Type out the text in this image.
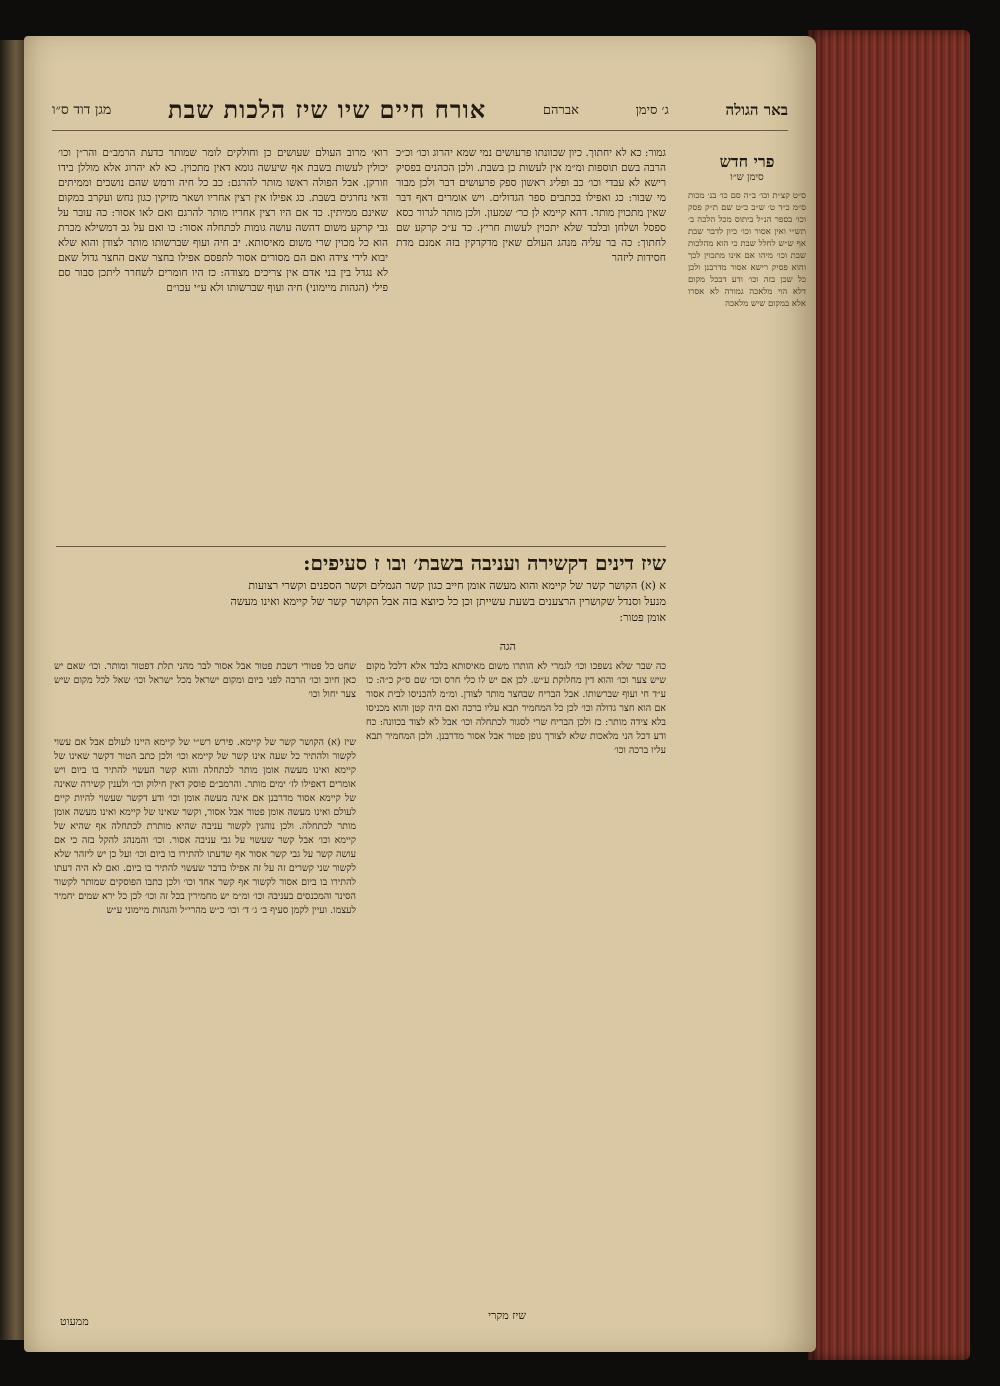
באר הגולה
ג׳ סימן
אברהם
אורח חיים שיו שיז הלכות שבת
מגן דוד ס״ו
פרי חדש
סימן ש״ו
ס״ט קצ״ת וכו׳ ב״ה סם כו׳ בנ׳ מכות ס״מ כ״ד ט׳ ש״ב כ״ט שם ת״ק פסק וכו׳ בספר הנ״ל ביתוס מכל הלכה ב׳ תש״י ואין אסור וכו׳ כיון לדבר שבת אף ש״ש לחלל שבת כי הוא מהלכות שבת וכו׳ מיהו אם אינו מתכוין לכך והוא פסיק רישא אסור מדרבנן ולכן כל שכן בזה וכו׳ ודע דבכל מקום דלא הוי מלאכה גמורה לא אסרו אלא במקום שיש מלאכה
גמור: כא לא יחתוך. כיון שכוונתו פרעושים נמי שמא יהרוג וכו׳ וכ״כ הרבה בשם תוספות ומ״מ אין לעשות כן בשבת. ולכן הכהנים בפסיק רישא לא עבדי וכו׳ כב ופליג ראשון ספק פרעושים דבר ולכן מבור מי שבור: כג ואפילו בכתבים ספר הגדולים. ויש אומרים דאף דבר שאין מתכוין מותר. דהא קיימא לן כר׳ שמעון. ולכן מותר לגרור כסא ספסל ושלחן ובלבד שלא יתכוין לעשות חריץ. כד ע״כ קרקע שם לחתוך: כה בר עליה מנהג העולם שאין מדקדקין בזה אמנם מדת חסידות ליזהר
רוא׳ מרוב העולם שעושים כן וחולקים לומר שמותר כדעת הרמב״ם והר״ן וכו׳ יכולין לעשות בשבת אף שיעשה גומא דאין מתכוין. כא לא יהרוג אלא מוללן בידו וזורקן. אבל הפולה ראשו מותר להרגם: כב כל חיה ורמש שהם נושכים וממיתים ודאי נחרגים בשבת. כג אפילו אין רצין אחריו ושאר מזיקין כגון נחש ועקרב במקום שאינם ממיתין. כד אם היו רצין אחריו מותר להרגם ואם לאו אסור: כה עובר על גבי קרקע משום דהשה עושה גומות לכתחלה אסור: כו ואם על גב דמשילא מכרת הוא כל מכוין שרי משום מאיסותא. יב חיה ועוף שברשותו מותר לצודן והוא שלא יבוא לידי צידה ואם הם מסורים אסור לתפסם אפילו בחצר שאם החצר גדול שאם לא נגדל בין בני אדם אין צריכים מצודה: כז היו חומרים לשחרר ליתכן סבור סם פילי (הגהות מיימוני) חיה ועוף שברשותו ולא ע״י עכו״ם
שיז דינים דקשירה ועניבה בשבת׳ ובו ז סעיפים:
א (א) הקושר קשר של קיימא והוא מעשה אומן חייב כגון קשר הגמלים וקשר הספנים וקשרי רצועות מנעל וסנדל שקושרין הרצענים בשעת עשייתן וכן כל כיוצא בזה אבל הקושר קשר של קיימא ואינו מעשה אומן פטור:
הגה
כה שבר שלא נשפכו וכו׳ לגמרי לא הותרו משום מאיסותא בלבד אלא דלכל מקום שיש צער וכו׳ והוא דין מחלוקת ע״ש. לכן אם יש לו כלי חרס וכו׳ שם ס״ק כ״ה: כו ע״ד חי ועוף שברשותו. אבל הבריח שבחצר מותר לצודן. ומ״מ להכניסו לבית אסור אם הוא חצר גדולה וכו׳ לכן כל המחמיר תבא עליו ברכה ואם היה קטן והוא מכניסו בלא צידה מותר: כז ולכן הבריח שרי לסגור לכתחלה וכו׳ אבל לא לצוד בכוונה: כח ודע דכל הני מלאכות שלא לצורך גופן פטור אבל אסור מדרבנן. ולכן המחמיר תבא עליו ברכה וכו׳
שחט כל פטורי דשבת פטור אבל אסור לבר מהני תלת דפטור ומותר. וכו׳ שאם יש כאן חיוב וכו׳ הרבה לפני ביום ומקום ישראל מכל ישראל וכו׳ שאל לכל מקום שיש צער יחול וכו׳
שיז (א) הקושר קשר של קיימא. פירש רש״י של קיימא היינו לעולם אבל אם עשוי לקשור ולהתיר כל שעה אינו קשר של קיימא וכו׳ ולכן כתב הטור דקשר שאינו של קיימא ואינו מעשה אומן מותר לכתחלה והוא קשר העשוי להתיר בו ביום ויש אומרים דאפילו לז׳ ימים מותר. והרמב״ם פוסק דאין חילוק וכו׳ ולענין קשירה שאינה של קיימא אסור מדרבנן אם אינה מעשה אומן וכו׳ ודע דקשר שעשוי להיות קיים לעולם ואינו מעשה אומן פטור אבל אסור, וקשר שאינו של קיימא ואינו מעשה אומן מותר לכתחלה. ולכן נוהגין לקשור עניבה שהיא מותרת לכתחלה אף שהיא של קיימא וכו׳ אבל קשר שעשוי על גבי עניבה אסור. וכו׳ והמנהג להקל בזה כי אם עושה קשר על גבי קשר אסור אף שדעתו להתירו בו ביום וכו׳ ועל כן יש ליזהר שלא לקשור שני קשרים זה על זה אפילו בדבר שעשוי להתיר בו ביום. ואם לא היה דעתו להתירו בו ביום אסור לקשור אף קשר אחד וכו׳ ולכן כתבו הפוסקים שמותר לקשור הסינר והמכנסים בעניבה וכו׳ ומ״מ יש מחמירין בכל זה וכו׳ לכן כל ירא שמים יחמיר לעצמו. ועיין לקמן סעיף ב׳ ג׳ ד׳ וכו׳ כ״ש מהרי״ל והגהות מיימוני ע״ש
שיז מקרי
ממעוט
